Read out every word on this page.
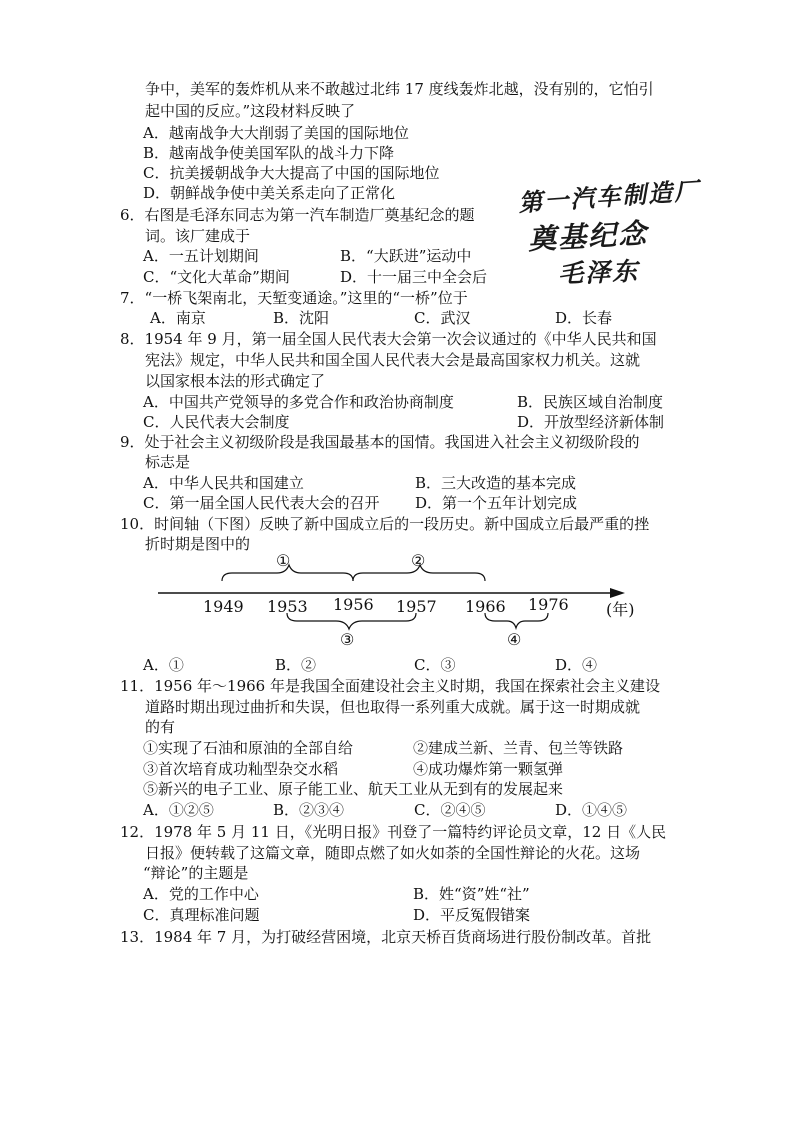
争中，美军的轰炸机从来不敢越过北纬 17 度线轰炸北越，没有别的，它怕引
起中国的反应。”这段材料反映了
A．越南战争大大削弱了美国的国际地位
B．越南战争使美国军队的战斗力下降
C．抗美援朝战争大大提高了中国的国际地位
D．朝鲜战争使中美关系走向了正常化
6．右图是毛泽东同志为第一汽车制造厂奠基纪念的题
词。该厂建成于
A．一五计划期间	B．“大跃进”运动中
C．“文化大革命”期间	D．十一届三中全会后
第一汽车制造厂
奠基纪念
毛泽东
7．“一桥飞架南北，天堑变通途。”这里的“一桥”位于
A．南京	B．沈阳	C．武汉	D．长春
8．1954 年 9 月，第一届全国人民代表大会第一次会议通过的《中华人民共和国
宪法》规定，中华人民共和国全国人民代表大会是最高国家权力机关。这就
以国家根本法的形式确定了
A．中国共产党领导的多党合作和政治协商制度	B．民族区域自治制度
C．人民代表大会制度	D．开放型经济新体制
9．处于社会主义初级阶段是我国最基本的国情。我国进入社会主义初级阶段的
标志是
A．中华人民共和国建立	B．三大改造的基本完成
C．第一届全国人民代表大会的召开 D．第一个五年计划完成
10．时间轴（下图）反映了新中国成立后的一段历史。新中国成立后最严重的挫
折时期是图中的
①	②
1949 1953 1956 1957 1966 1976 (年)
③	④
A．①	B．②	C．③	D．④
11．1956 年～1966 年是我国全面建设社会主义时期，我国在探索社会主义建设
道路时期出现过曲折和失误，但也取得一系列重大成就。属于这一时期成就
的有
①实现了石油和原油的全部自给	②建成兰新、兰青、包兰等铁路
③首次培育成功籼型杂交水稻	④成功爆炸第一颗氢弹
⑤新兴的电子工业、原子能工业、航天工业从无到有的发展起来
A．①②⑤	B．②③④	C．②④⑤	D．①④⑤
12．1978 年 5 月 11 日，《光明日报》刊登了一篇特约评论员文章，12 日《人民
日报》便转载了这篇文章，随即点燃了如火如荼的全国性辩论的火花。这场
“辩论”的主题是
A．党的工作中心	B．姓“资”姓“社”
C．真理标准问题	D．平反冤假错案
13．1984 年 7 月，为打破经营困境，北京天桥百货商场进行股份制改革。首批
